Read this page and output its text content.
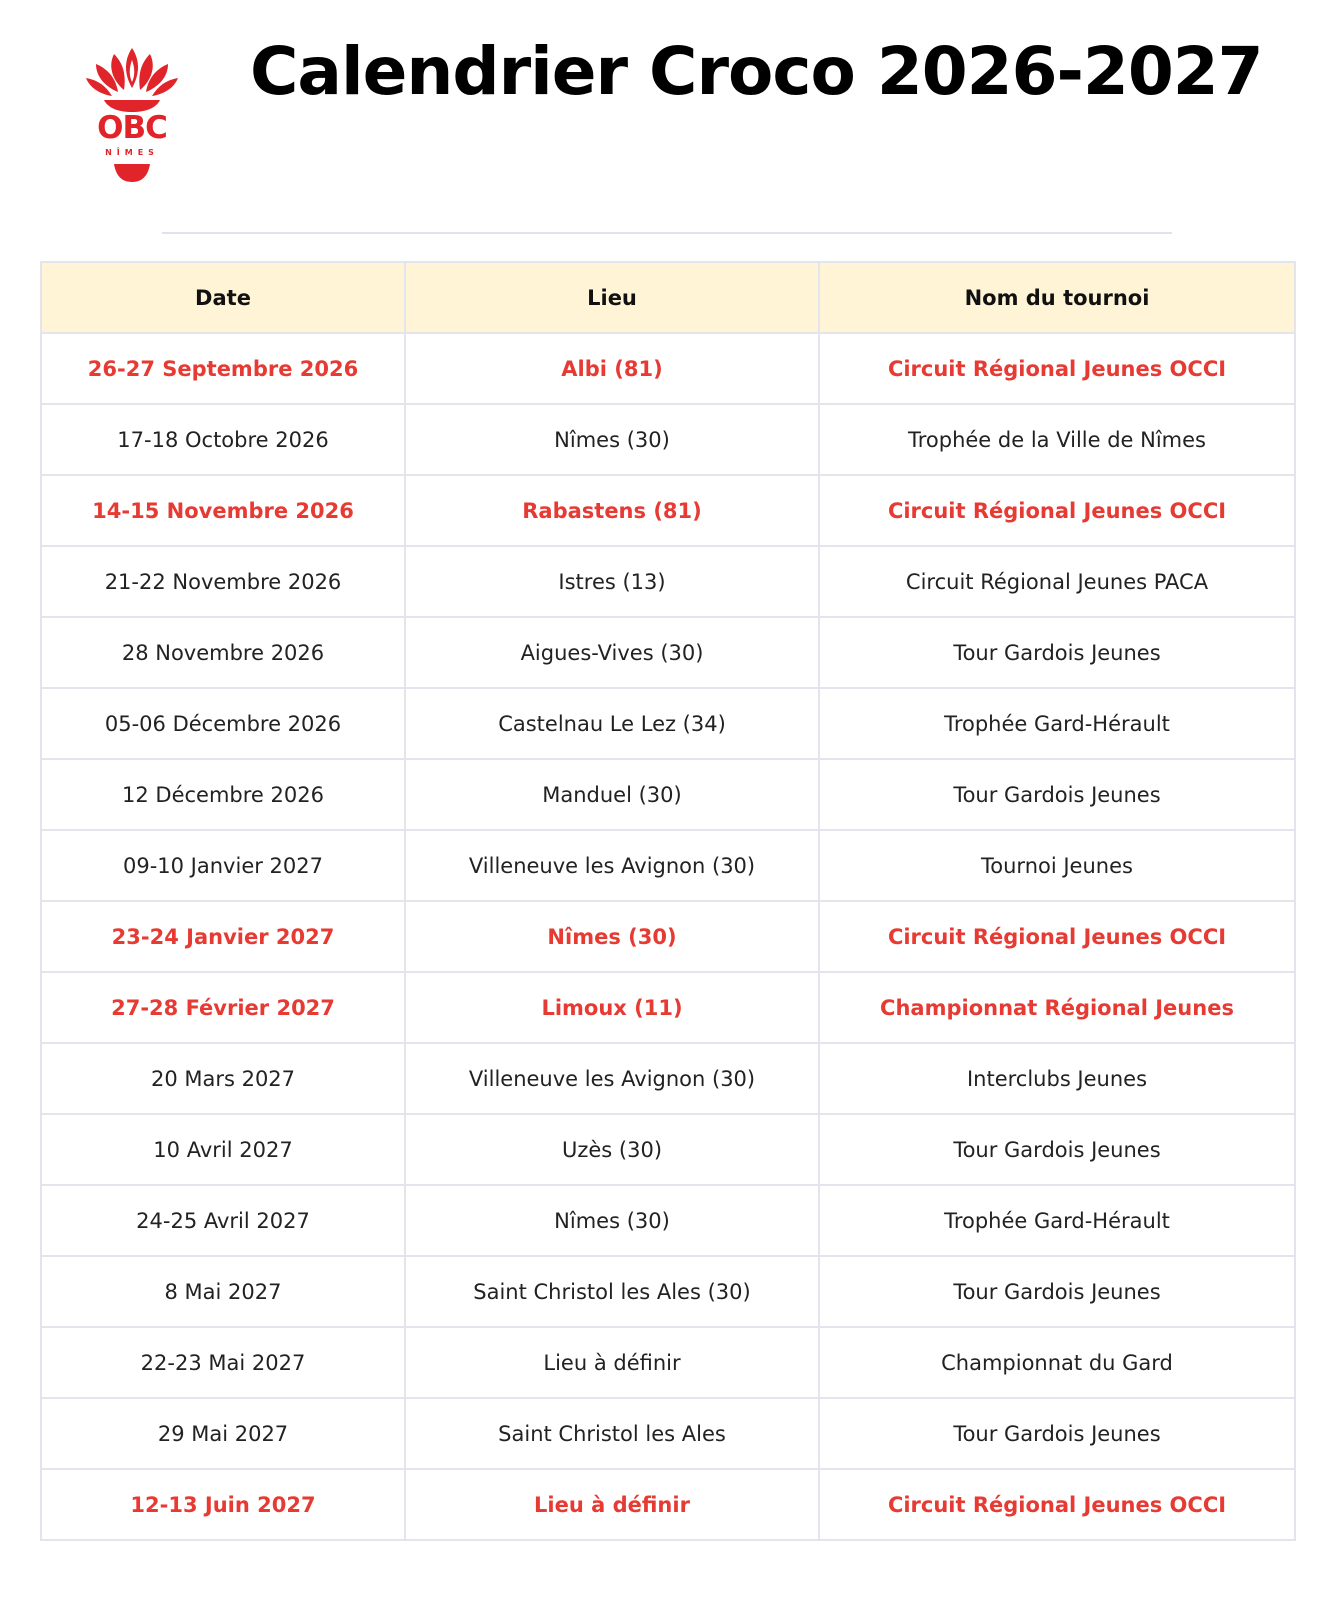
OBC
NÎMES
Calendrier Croco 2026-2027
Date	Lieu	Nom du tournoi
26-27 Septembre 2026	Albi (81)	Circuit Régional Jeunes OCCI
17-18 Octobre 2026	Nîmes (30)	Trophée de la Ville de Nîmes
14-15 Novembre 2026	Rabastens (81)	Circuit Régional Jeunes OCCI
21-22 Novembre 2026	Istres (13)	Circuit Régional Jeunes PACA
28 Novembre 2026	Aigues-Vives (30)	Tour Gardois Jeunes
05-06 Décembre 2026	Castelnau Le Lez (34)	Trophée Gard-Hérault
12 Décembre 2026	Manduel (30)	Tour Gardois Jeunes
09-10 Janvier 2027	Villeneuve les Avignon (30)	Tournoi Jeunes
23-24 Janvier 2027	Nîmes (30)	Circuit Régional Jeunes OCCI
27-28 Février 2027	Limoux (11)	Championnat Régional Jeunes
20 Mars 2027	Villeneuve les Avignon (30)	Interclubs Jeunes
10 Avril 2027	Uzès (30)	Tour Gardois Jeunes
24-25 Avril 2027	Nîmes (30)	Trophée Gard-Hérault
8 Mai 2027	Saint Christol les Ales (30)	Tour Gardois Jeunes
22-23 Mai 2027	Lieu à définir	Championnat du Gard
29 Mai 2027	Saint Christol les Ales	Tour Gardois Jeunes
12-13 Juin 2027	Lieu à définir	Circuit Régional Jeunes OCCI
